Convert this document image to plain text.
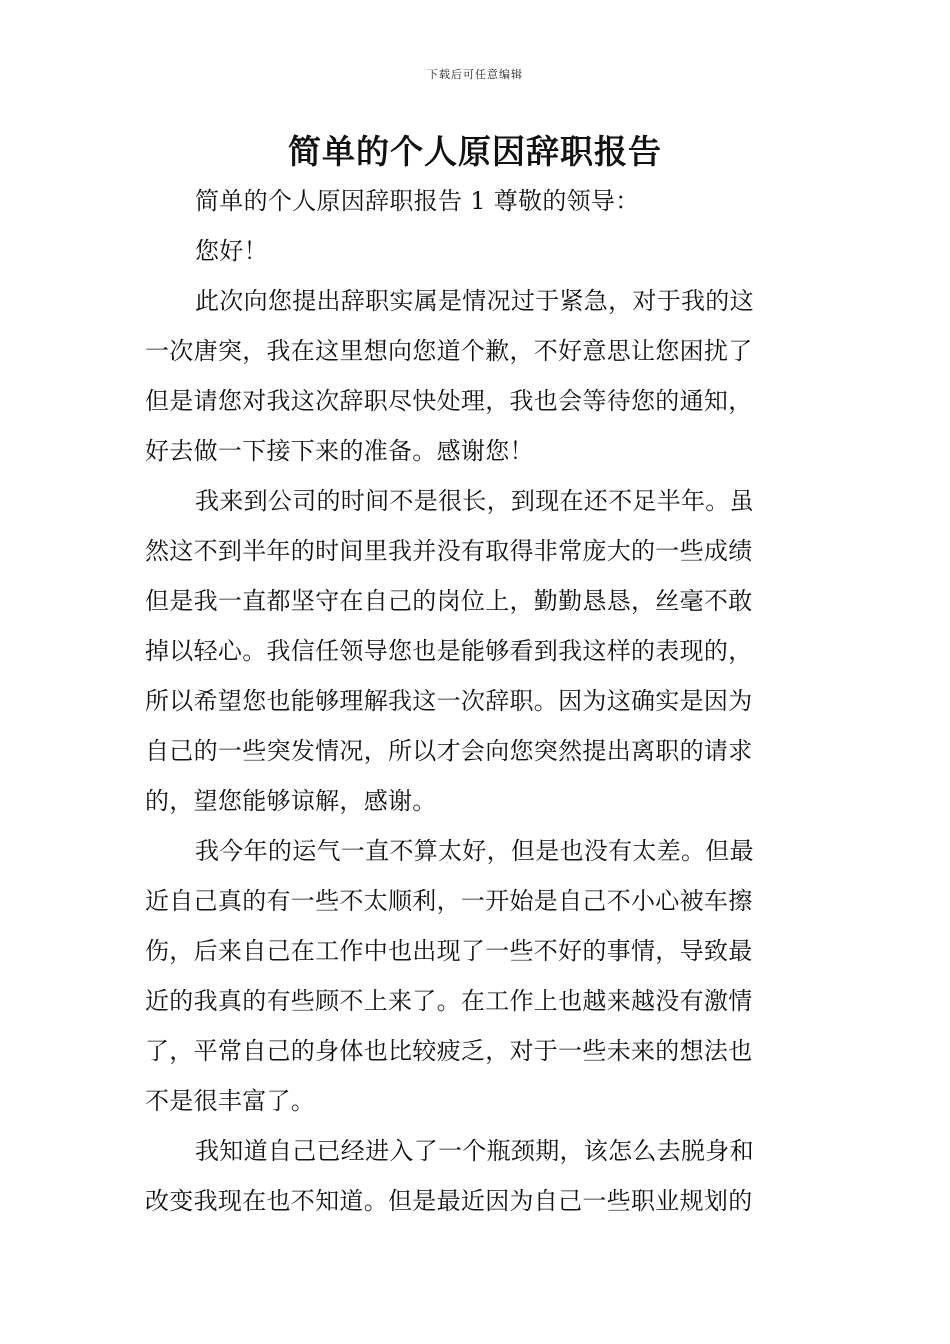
下载后可任意编辑
简单的个人原因辞职报告

简单的个人原因辞职报告 1 尊敬的领导：

您好！

此次向您提出辞职实属是情况过于紧急，对于我的这
一次唐突，我在这里想向您道个歉，不好意思让您困扰了
但是请您对我这次辞职尽快处理，我也会等待您的通知，
好去做一下接下来的准备。感谢您！

我来到公司的时间不是很长，到现在还不足半年。虽
然这不到半年的时间里我并没有取得非常庞大的一些成绩
但是我一直都坚守在自己的岗位上，勤勤恳恳，丝毫不敢
掉以轻心。我信任领导您也是能够看到我这样的表现的，
所以希望您也能够理解我这一次辞职。因为这确实是因为
自己的一些突发情况，所以才会向您突然提出离职的请求
的，望您能够谅解，感谢。

我今年的运气一直不算太好，但是也没有太差。但最
近自己真的有一些不太顺利，一开始是自己不小心被车擦
伤，后来自己在工作中也出现了一些不好的事情，导致最
近的我真的有些顾不上来了。在工作上也越来越没有激情
了，平常自己的身体也比较疲乏，对于一些未来的想法也
不是很丰富了。

我知道自己已经进入了一个瓶颈期，该怎么去脱身和
改变我现在也不知道。但是最近因为自己一些职业规划的
